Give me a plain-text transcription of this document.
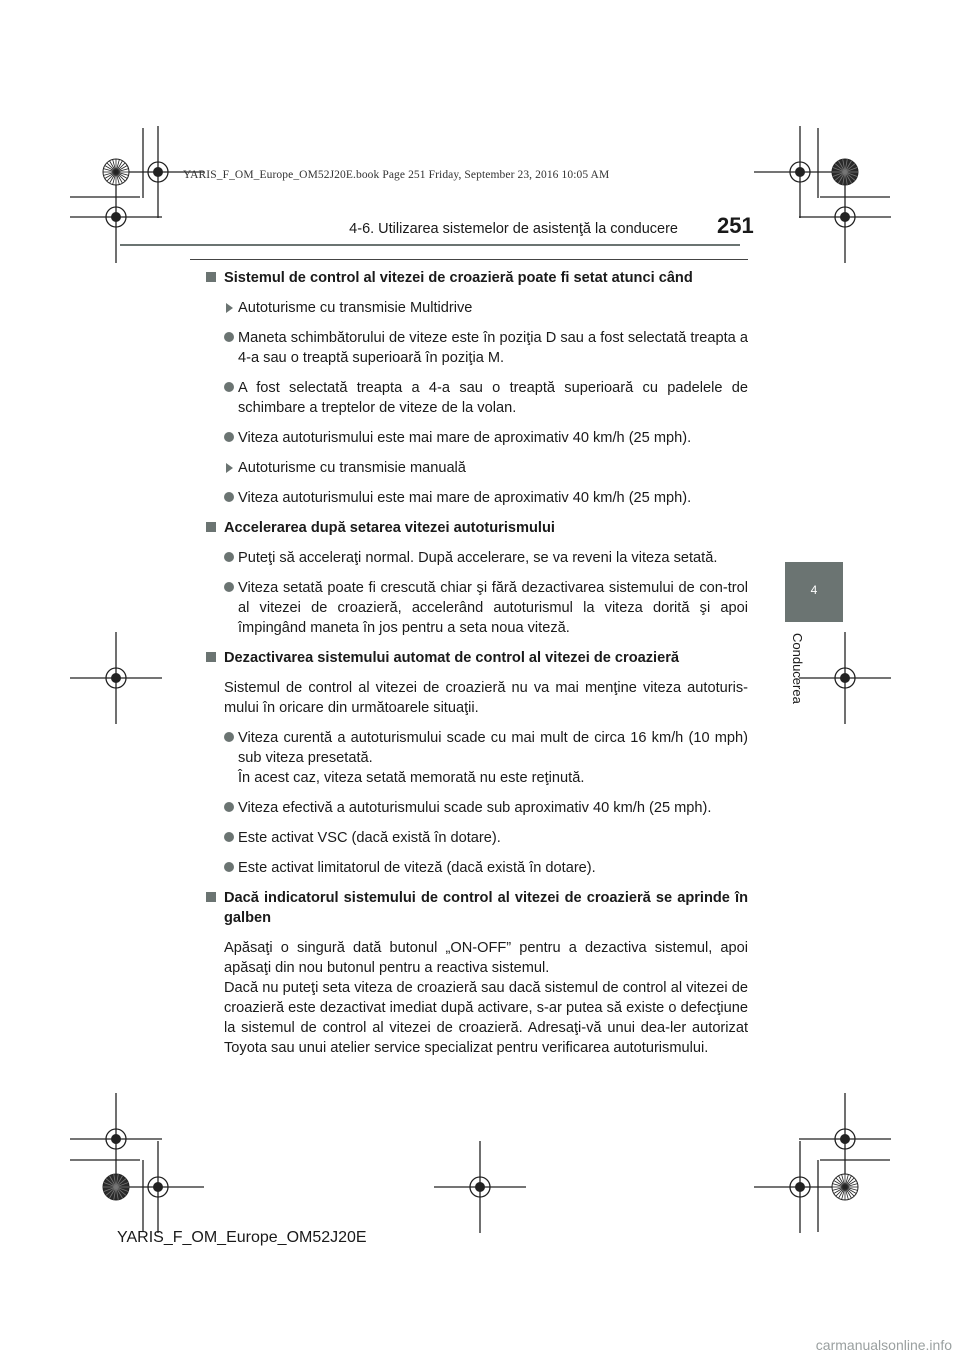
YARIS_F_OM_Europe_OM52J20E.book Page 251 Friday, September 23, 2016 10:05 AM
4-6. Utilizarea sistemelor de asistenţă la conducere 251
4
Conducerea
Sistemul de control al vitezei de croazieră poate fi setat atunci când
Autoturisme cu transmisie Multidrive
Maneta schimbătorului de viteze este în poziţia D sau a fost selectată treapta a 4-a sau o treaptă superioară în poziţia M.
A fost selectată treapta a 4-a sau o treaptă superioară cu padelele de schimbare a treptelor de viteze de la volan.
Viteza autoturismului este mai mare de aproximativ 40 km/h (25 mph).
Autoturisme cu transmisie manuală
Viteza autoturismului este mai mare de aproximativ 40 km/h (25 mph).
Accelerarea după setarea vitezei autoturismului
Puteţi să acceleraţi normal. După accelerare, se va reveni la viteza setată.
Viteza setată poate fi crescută chiar şi fără dezactivarea sistemului de con-trol al vitezei de croazieră, accelerând autoturismul la viteza dorită şi apoi împingând maneta în jos pentru a seta noua viteză.
Dezactivarea sistemului automat de control al vitezei de croazieră
Sistemul de control al vitezei de croazieră nu va mai menţine viteza autoturis-mului în oricare din următoarele situaţii.
Viteza curentă a autoturismului scade cu mai mult de circa 16 km/h (10 mph) sub viteza presetată.
În acest caz, viteza setată memorată nu este reţinută.
Viteza efectivă a autoturismului scade sub aproximativ 40 km/h (25 mph).
Este activat VSC (dacă există în dotare).
Este activat limitatorul de viteză (dacă există în dotare).
Dacă indicatorul sistemului de control al vitezei de croazieră se aprinde în galben
Apăsaţi o singură dată butonul „ON-OFF” pentru a dezactiva sistemul, apoi apăsaţi din nou butonul pentru a reactiva sistemul.
Dacă nu puteţi seta viteza de croazieră sau dacă sistemul de control al vitezei de croazieră este dezactivat imediat după activare, s-ar putea să existe o defecţiune la sistemul de control al vitezei de croazieră. Adresaţi-vă unui dea-ler autorizat Toyota sau unui atelier service specializat pentru verificarea autoturismului.
YARIS_F_OM_Europe_OM52J20E
carmanualsonline.info
